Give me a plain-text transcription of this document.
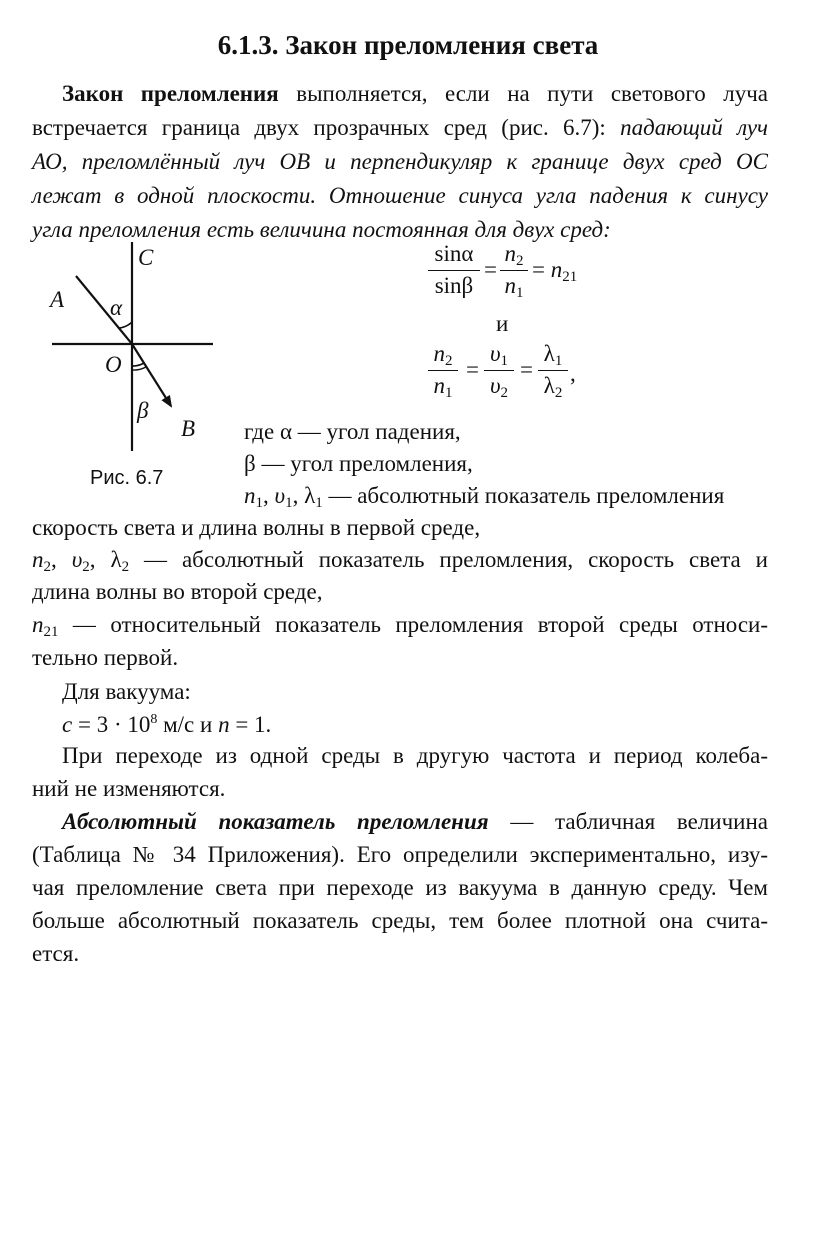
6.1.3. Закон преломления света
Закон преломления выполняется, если на пути светового луча
встречается граница двух прозрачных сред (рис. 6.7): падающий луч
АО, преломлённый луч ОВ и перпендикуляр к границе двух сред ОС
лежат в одной плоскости. Отношение синуса угла падения к синусу
угла преломления есть величина постоянная для двух сред:
C
A α
O
β
B
Рис. 6.7
sinα
sinβ
=
$n_2$
$n_1$
= $n_{21}$
и
$n_2$
$n_1$
=
$\upsilon_1$
$\upsilon_2$
=
$\lambda_1$
$\lambda_2$
,
где α — угол падения,
β — угол преломления,
$n_1$, $\upsilon_1$, $\lambda_1$ — абсолютный показатель преломления
скорость света и длина волны в первой среде,
$n_2$, $\upsilon_2$, $\lambda_2$ — абсолютный показатель преломления, скорость света и
длина волны во второй среде,
$n_{21}$ — относительный показатель преломления второй среды относи-
тельно первой.
Для вакуума:
$c = 3 \cdot 10^8$ м/с и n = 1.
При переходе из одной среды в другую частота и период колеба-
ний не изменяются.
Абсолютный показатель преломления — табличная величина
(Таблица № 34 Приложения). Его определили экспериментально, изу-
чая преломление света при переходе из вакуума в данную среду. Чем
больше абсолютный показатель среды, тем более плотной она счита-
ется.
